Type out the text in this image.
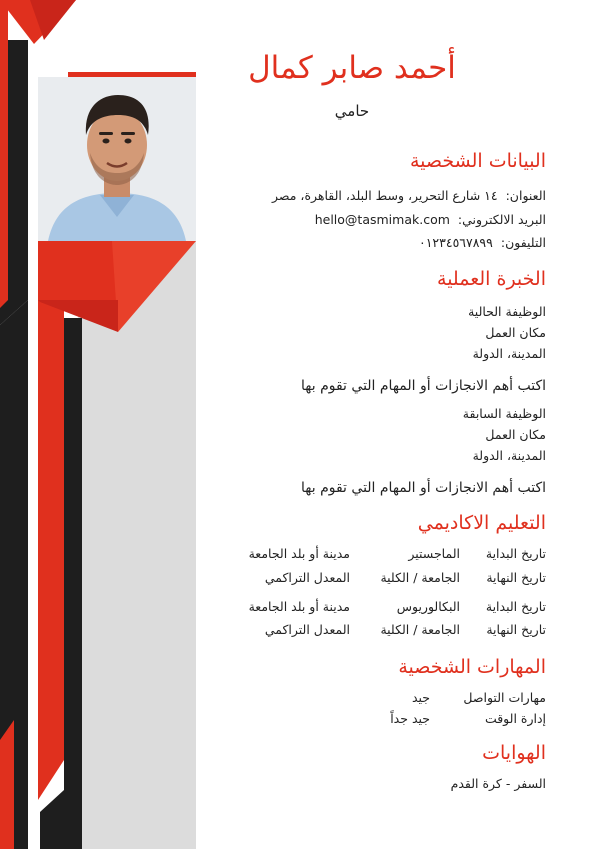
أحمد صابر كمال
حامي
البيانات الشخصية
العنوان:١٤ شارع التحرير، وسط البلد، القاهرة، مصر
البريد الالكتروني:hello@tasmimak.com
التليفون:٠١٢٣٤٥٦٧٨٩٩
الخبرة العملية
الوظيفة الحالية
مكان العمل
المدينة، الدولة
اكتب أهم الانجازات أو المهام التي تقوم بها
الوظيفة السابقة
مكان العمل
المدينة، الدولة
اكتب أهم الانجازات أو المهام التي تقوم بها
التعليم الاكاديمي
تاريخ البداية
الماجستير
مدينة أو بلد الجامعة
تاريخ النهاية
الجامعة / الكلية
المعدل التراكمي
تاريخ البداية
البكالوريوس
مدينة أو بلد الجامعة
تاريخ النهاية
الجامعة / الكلية
المعدل التراكمي
المهارات الشخصية
مهارات التواصل
جيد
إدارة الوقت
جيد جداً
الهوايات
السفر - كرة القدم
